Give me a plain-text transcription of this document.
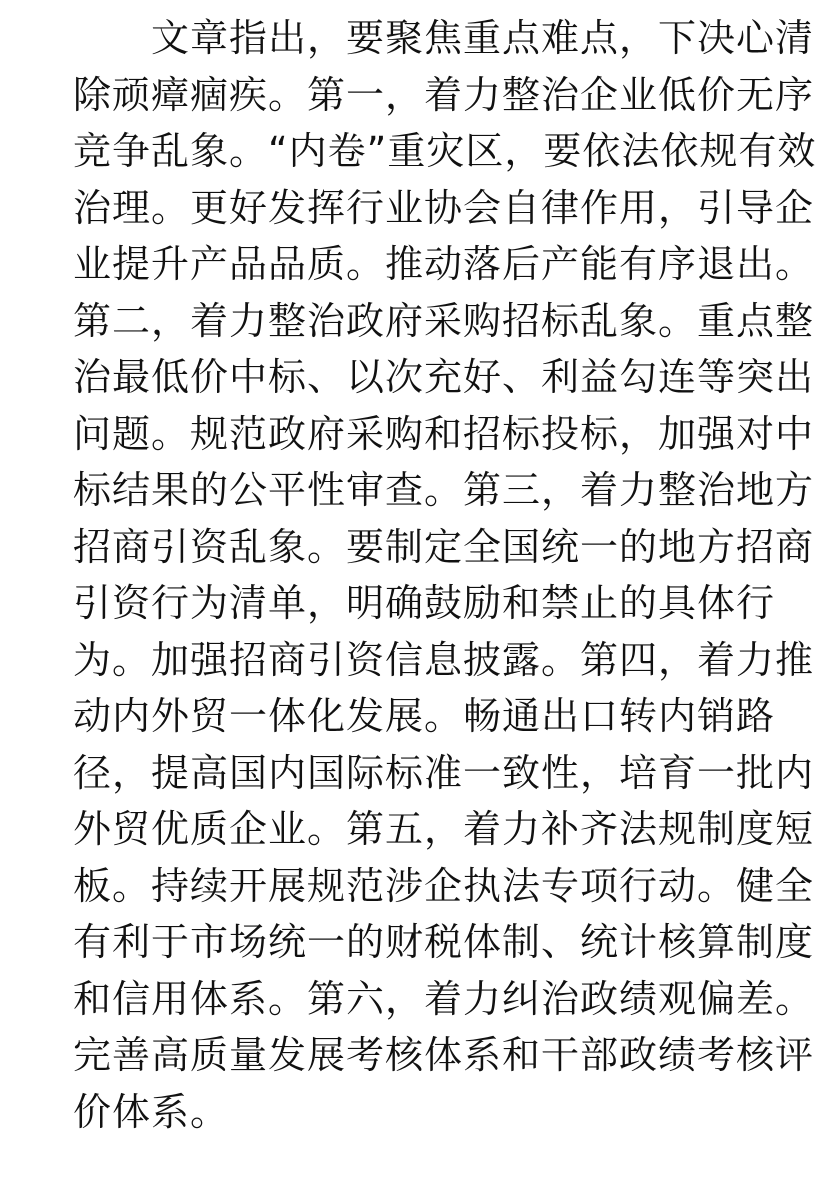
　　文章指出，要聚焦重点难点，下决心清
除顽瘴痼疾。第一，着力整治企业低价无序
竞争乱象。“内卷”重灾区，要依法依规有效
治理。更好发挥行业协会自律作用，引导企
业提升产品品质。推动落后产能有序退出。
第二，着力整治政府采购招标乱象。重点整
治最低价中标、以次充好、利益勾连等突出
问题。规范政府采购和招标投标，加强对中
标结果的公平性审查。第三，着力整治地方
招商引资乱象。要制定全国统一的地方招商
引资行为清单，明确鼓励和禁止的具体行
为。加强招商引资信息披露。第四，着力推
动内外贸一体化发展。畅通出口转内销路
径，提高国内国际标准一致性，培育一批内
外贸优质企业。第五，着力补齐法规制度短
板。持续开展规范涉企执法专项行动。健全
有利于市场统一的财税体制、统计核算制度
和信用体系。第六，着力纠治政绩观偏差。
完善高质量发展考核体系和干部政绩考核评
价体系。
